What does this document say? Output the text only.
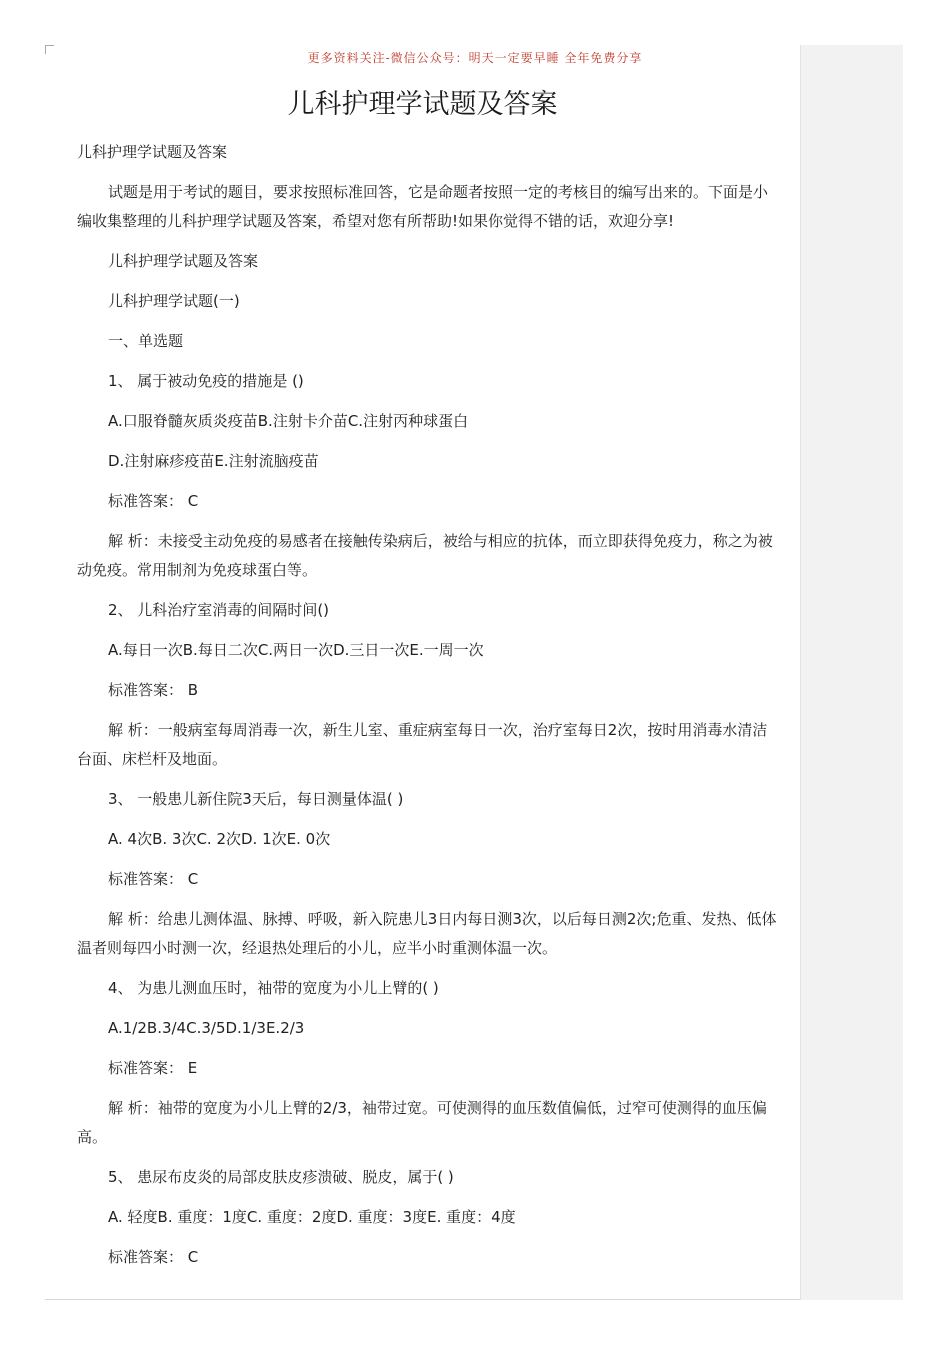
更多资料关注-微信公众号：明天一定要早睡 全年免费分享
儿科护理学试题及答案

儿科护理学试题及答案

试题是用于考试的题目，要求按照标准回答，它是命题者按照一定的考核目的编写出来的。下面是小编收集整理的儿科护理学试题及答案，希望对您有所帮助!如果你觉得不错的话，欢迎分享!

儿科护理学试题及答案

儿科护理学试题(一)

一、单选题

1、 属于被动免疫的措施是 ()

A.口服脊髓灰质炎疫苗B.注射卡介苗C.注射丙种球蛋白

D.注射麻疹疫苗E.注射流脑疫苗

标准答案： C

解 析：未接受主动免疫的易感者在接触传染病后，被给与相应的抗体，而立即获得免疫力，称之为被动免疫。常用制剂为免疫球蛋白等。

2、 儿科治疗室消毒的间隔时间()

A.每日一次B.每日二次C.两日一次D.三日一次E.一周一次

标准答案： B

解 析：一般病室每周消毒一次，新生儿室、重症病室每日一次，治疗室每日2次，按时用消毒水清洁台面、床栏杆及地面。

3、 一般患儿新住院3天后，每日测量体温( )

A. 4次B. 3次C. 2次D. 1次E. 0次

标准答案： C

解 析：给患儿测体温、脉搏、呼吸，新入院患儿3日内每日测3次，以后每日测2次;危重、发热、低体温者则每四小时测一次，经退热处理后的小儿，应半小时重测体温一次。

4、 为患儿测血压时，袖带的宽度为小儿上臂的( )

A.1/2B.3/4C.3/5D.1/3E.2/3

标准答案： E

解 析：袖带的宽度为小儿上臂的2/3，袖带过宽。可使测得的血压数值偏低，过窄可使测得的血压偏高。

5、 患尿布皮炎的局部皮肤皮疹溃破、脱皮，属于( )

A. 轻度B. 重度：1度C. 重度：2度D. 重度：3度E. 重度：4度

标准答案： C
